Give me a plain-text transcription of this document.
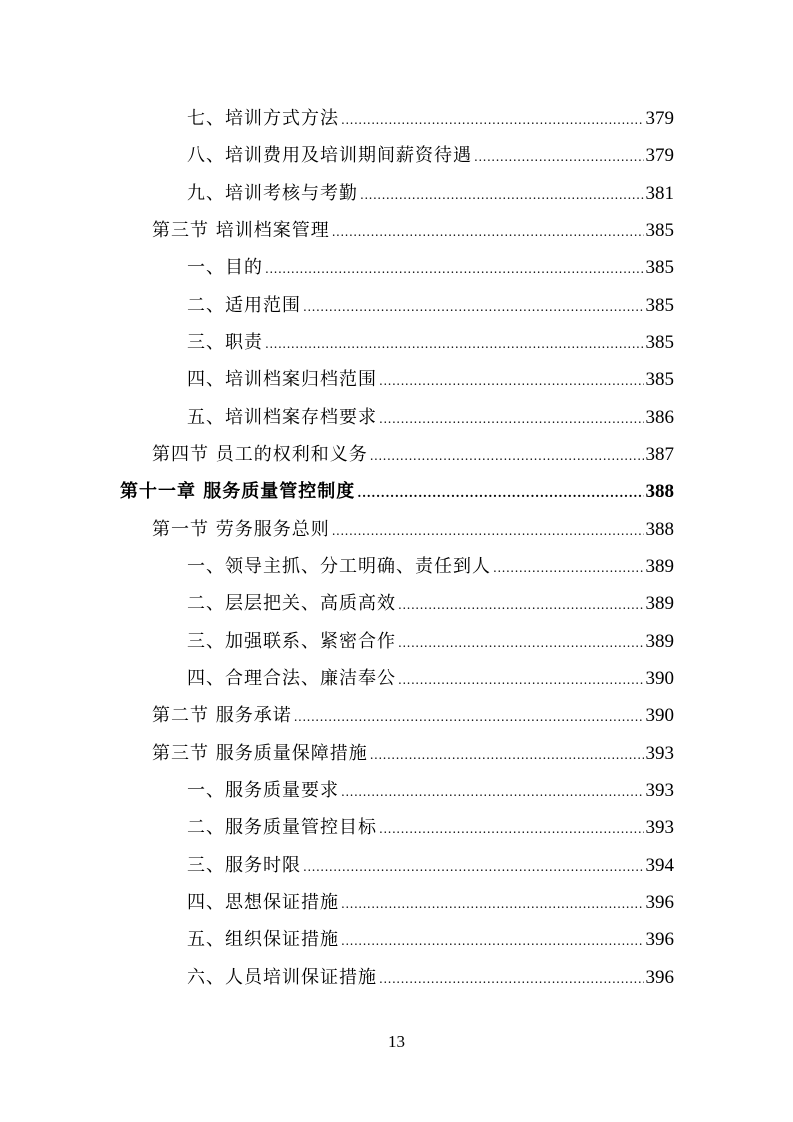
七、培训方式方法 .....	379
八、培训费用及培训期间薪资待遇 .....	379
九、培训考核与考勤 .....	381
第三节 培训档案管理 .....	385
一、目的 .....	385
二、适用范围 .....	385
三、职责 .....	385
四、培训档案归档范围 .....	385
五、培训档案存档要求 .....	386
第四节 员工的权利和义务 .....	387
第十一章 服务质量管控制度 .....	388
第一节 劳务服务总则 .....	388
一、领导主抓、分工明确、责任到人 .....	389
二、层层把关、高质高效 .....	389
三、加强联系、紧密合作 .....	389
四、合理合法、廉洁奉公 .....	390
第二节 服务承诺 .....	390
第三节 服务质量保障措施 .....	393
一、服务质量要求 .....	393
二、服务质量管控目标 .....	393
三、服务时限 .....	394
四、思想保证措施 .....	396
五、组织保证措施 .....	396
六、人员培训保证措施 .....	396
13
